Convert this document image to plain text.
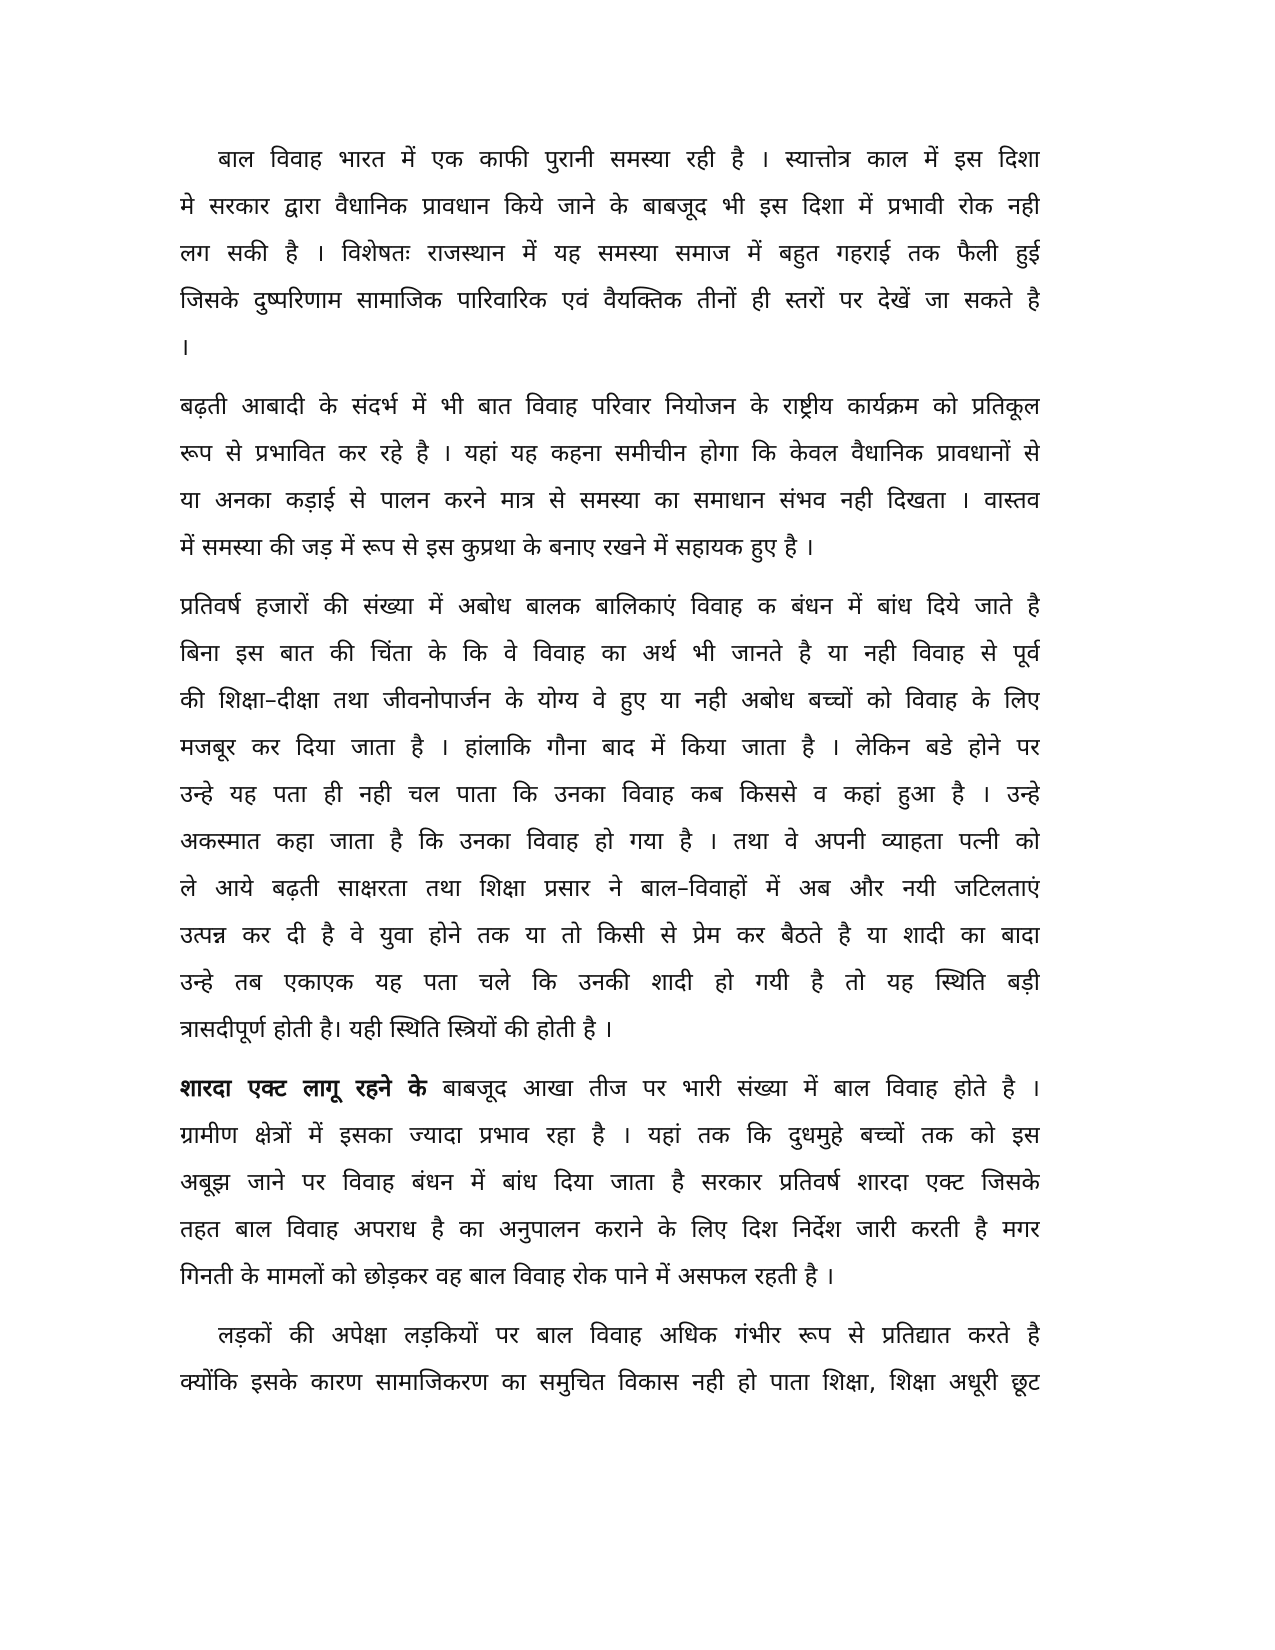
बाल विवाह भारत में एक काफी पुरानी समस्या रही है । स्यात्तोत्र काल में इस दिशा
मे सरकार द्वारा वैधानिक प्रावधान किये जाने के बाबजूद भी इस दिशा में प्रभावी रोक नही
लग सकी है । विशेषतः राजस्थान में यह समस्या समाज में बहुत गहराई तक फैली हुई
जिसके दुष्परिणाम सामाजिक पारिवारिक एवं वैयक्तिक तीनों ही स्तरों पर देखें जा सकते है
।
बढ़ती आबादी के संदर्भ में भी बात विवाह परिवार नियोजन के राष्ट्रीय कार्यक्रम को प्रतिकूल
रूप से प्रभावित कर रहे है । यहां यह कहना समीचीन होगा कि केवल वैधानिक प्रावधानों से
या अनका कड़ाई से पालन करने मात्र से समस्या का समाधान संभव नही दिखता । वास्तव
में समस्या की जड़ में रूप से इस कुप्रथा के बनाए रखने में सहायक हुए है ।
प्रतिवर्ष हजारों की संख्या में अबोध बालक बालिकाएं विवाह क बंधन में बांध दिये जाते है
बिना इस बात की चिंता के कि वे विवाह का अर्थ भी जानते है या नही विवाह से पूर्व
की शिक्षा–दीक्षा तथा जीवनोपार्जन के योग्य वे हुए या नही अबोध बच्चों को विवाह के लिए
मजबूर कर दिया जाता है । हांलाकि गौना बाद में किया जाता है । लेकिन बडे होने पर
उन्हे यह पता ही नही चल पाता कि उनका विवाह कब किससे व कहां हुआ है । उन्हे
अकस्मात कहा जाता है कि उनका विवाह हो गया है । तथा वे अपनी व्याहता पत्नी को
ले आये बढ़ती साक्षरता तथा शिक्षा प्रसार ने बाल–विवाहों में अब और नयी जटिलताएं
उत्पन्न कर दी है वे युवा होने तक या तो किसी से प्रेम कर बैठते है या शादी का बादा
उन्हे तब एकाएक यह पता चले कि उनकी शादी हो गयी है तो यह स्थिति बड़ी
त्रासदीपूर्ण होती है। यही स्थिति स्त्रियों की होती है ।
शारदा एक्ट लागू रहने के बाबजूद आखा तीज पर भारी संख्या में बाल विवाह होते है ।
ग्रामीण क्षेत्रों में इसका ज्यादा प्रभाव रहा है । यहां तक कि दुधमुहे बच्चों तक को इस
अबूझ जाने पर विवाह बंधन में बांध दिया जाता है सरकार प्रतिवर्ष शारदा एक्ट जिसके
तहत बाल विवाह अपराध है का अनुपालन कराने के लिए दिश निर्देश जारी करती है मगर
गिनती के मामलों को छोड़कर वह बाल विवाह रोक पाने में असफल रहती है ।
लड़कों की अपेक्षा लड़कियों पर बाल विवाह अधिक गंभीर रूप से प्रतिद्यात करते है
क्योंकि इसके कारण सामाजिकरण का समुचित विकास नही हो पाता शिक्षा, शिक्षा अधूरी छूट
